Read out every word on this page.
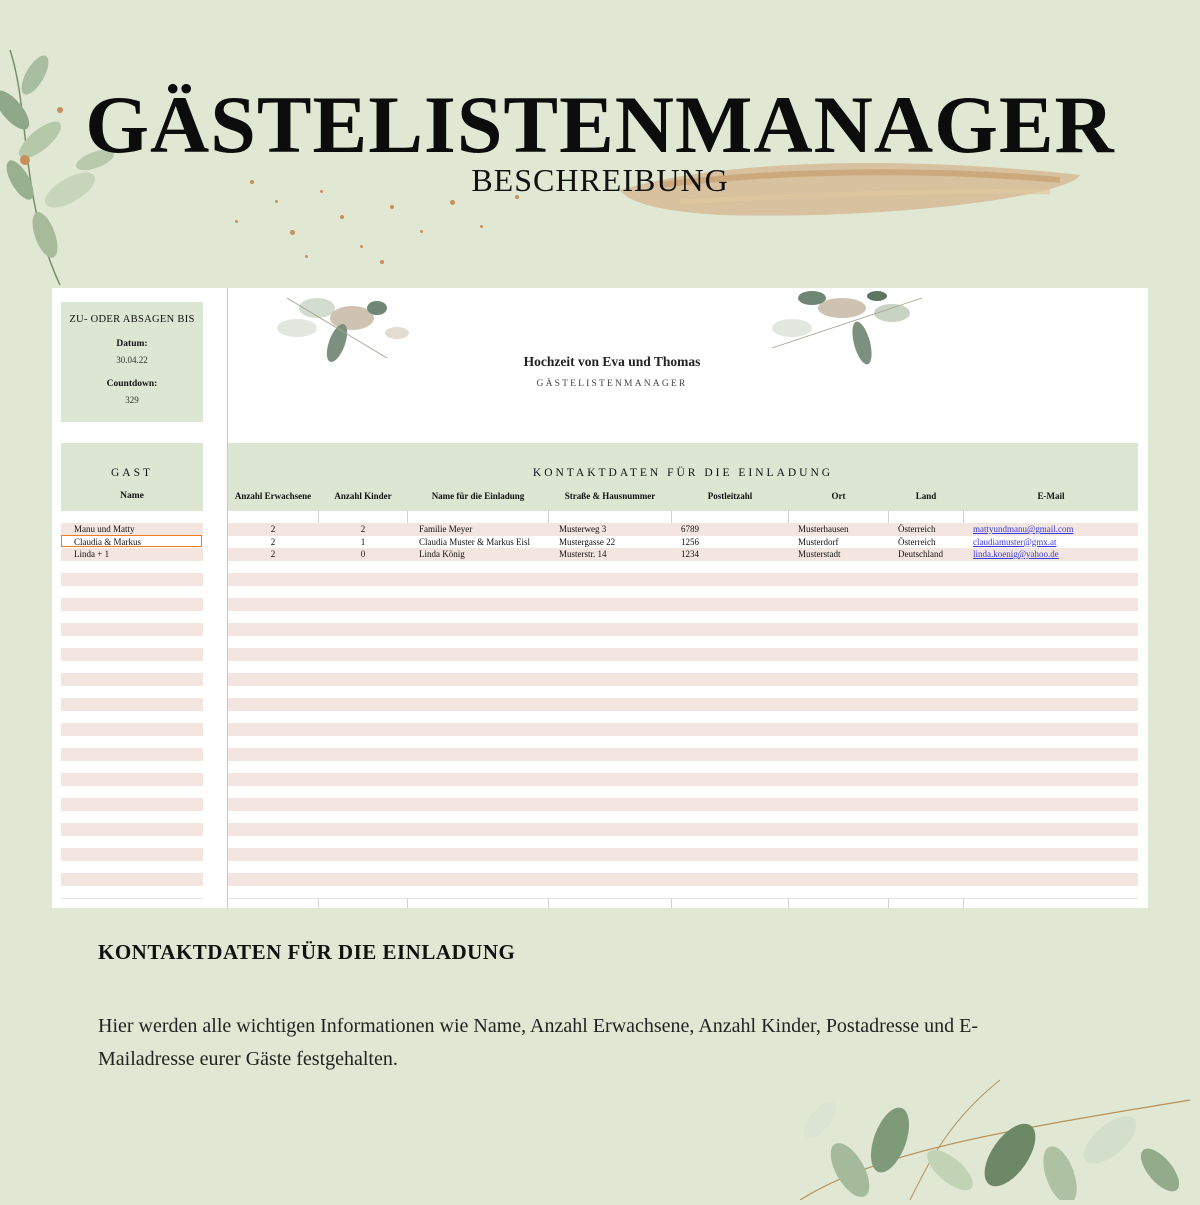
GÄSTELISTENMANAGER
BESCHREIBUNG
ZU- ODER ABSAGEN BIS
Datum:
30.04.22
Countdown:
329
Hochzeit von Eva und Thomas
GÄSTELISTENMANAGER
GAST
Name
KONTAKTDATEN FÜR DIE EINLADUNG
Anzahl Erwachsene	Anzahl Kinder	Name für die Einladung	Straße & Hausnummer	Postleitzahl	Ort	Land	E-Mail
Manu und Matty	2	2	Familie Meyer	Musterweg 3	6789	Musterhausen	Österreich	mattyundmanu@gmail.com
Claudia & Markus	2	1	Claudia Muster & Markus Eisl	Mustergasse 22	1256	Musterdorf	Österreich	claudiamuster@gmx.at
Linda + 1	2	0	Linda König	Musterstr. 14	1234	Musterstadt	Deutschland	linda.koenig@yahoo.de
KONTAKTDATEN FÜR DIE EINLADUNG
Hier werden alle wichtigen Informationen wie Name, Anzahl Erwachsene, Anzahl Kinder, Postadresse und E-Mailadresse eurer Gäste festgehalten.
